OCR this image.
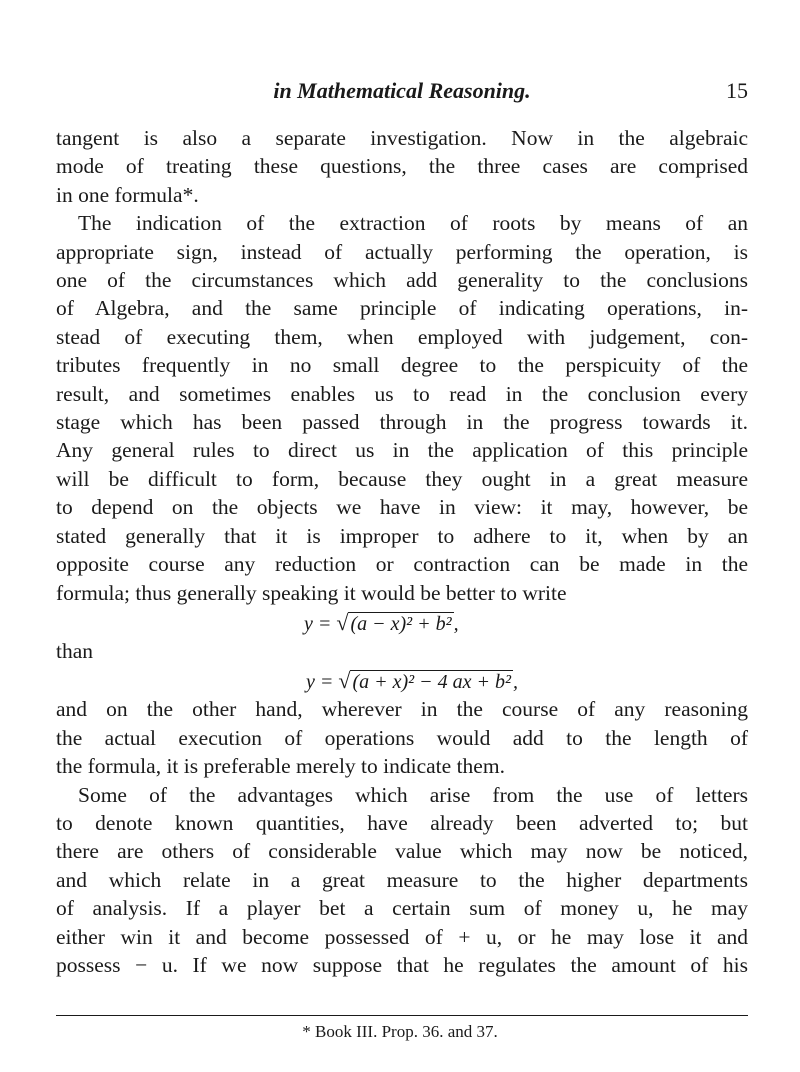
in Mathematical Reasoning.	15
tangent is also a separate investigation. Now in the algebraic
mode of treating these questions, the three cases are comprised
in one formula*.
The indication of the extraction of roots by means of an
appropriate sign, instead of actually performing the operation, is
one of the circumstances which add generality to the conclusions
of Algebra, and the same principle of indicating operations, in-
stead of executing them, when employed with judgement, con-
tributes frequently in no small degree to the perspicuity of the
result, and sometimes enables us to read in the conclusion every
stage which has been passed through in the progress towards it.
Any general rules to direct us in the application of this principle
will be difficult to form, because they ought in a great measure
to depend on the objects we have in view: it may, however, be
stated generally that it is improper to adhere to it, when by an
opposite course any reduction or contraction can be made in the
formula; thus generally speaking it would be better to write
y = √ (a − x)² + b² ,
than
y = √ (a + x)² − 4 ax + b² ,
and on the other hand, wherever in the course of any reasoning
the actual execution of operations would add to the length of
the formula, it is preferable merely to indicate them.
Some of the advantages which arise from the use of letters
to denote known quantities, have already been adverted to; but
there are others of considerable value which may now be noticed,
and which relate in a great measure to the higher departments
of analysis. If a player bet a certain sum of money u, he may
either win it and become possessed of + u, or he may lose it and
possess − u. If we now suppose that he regulates the amount of his
* Book III. Prop. 36. and 37.
